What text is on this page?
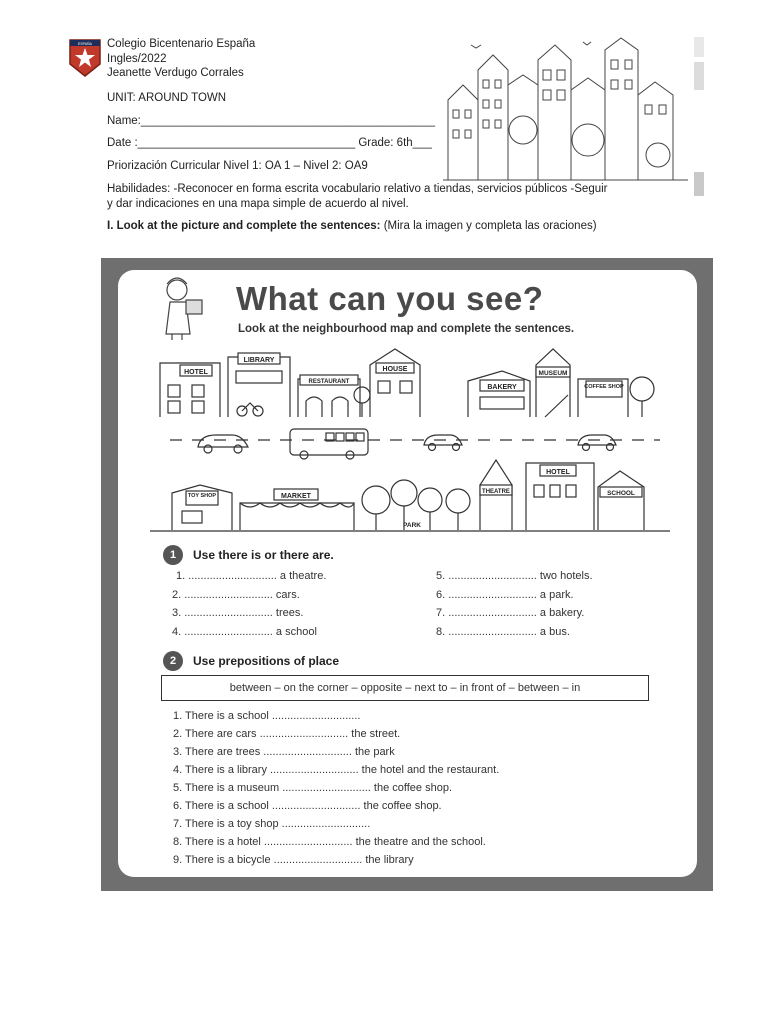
ESPAÑA Colegio Bicentenario España
Ingles/2022
Jeanette Verdugo Corrales
UNIT: AROUND TOWN
Name:______________________________________________
Date :__________________________________ Grade: 6th___
Priorización Curricular Nivel 1: OA 1 – Nivel 2: OA9
Habilidades: -Reconocer en forma escrita vocabulario relativo a tiendas, servicios públicos -Seguir
y dar indicaciones en una mapa simple de acuerdo al nivel.
I. Look at the picture and complete the sentences: (Mira la imagen y completa las oraciones)
What can you see?
Look at the neighbourhood map and complete the sentences.
HOTEL
LIBRARY
RESTAURANT
HOUSE
BAKERY
MUSEUM
COFFEE SHOP
TOY SHOP	MARKET
PARK
THEATRE
HOTEL
SCHOOL
1	Use there is or there are.
1. ............................. a theatre.
2. ............................. cars.
3. ............................. trees.
4. ............................. a school
5. ............................. two hotels.
6. ............................. a park.
7. ............................. a bakery.
8. ............................. a bus.
2	Use prepositions of place
between – on the corner – opposite – next to – in front of – between – in
1. There is a school .............................
2. There are cars ............................. the street.
3. There are trees ............................. the park
4. There is a library ............................. the hotel and the restaurant.
5. There is a museum ............................. the coffee shop.
6. There is a school ............................. the coffee shop.
7. There is a toy shop .............................
8. There is a hotel ............................. the theatre and the school.
9. There is a bicycle ............................. the library
